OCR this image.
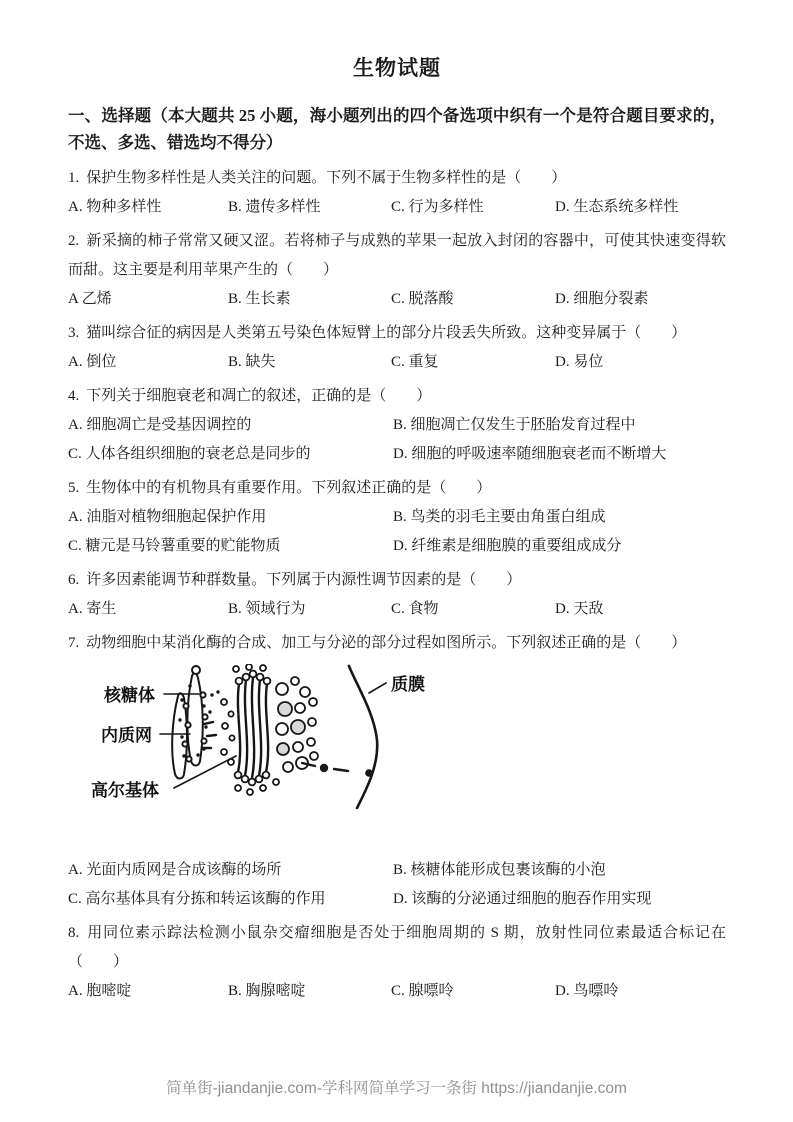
生物试题
一、选择题（本大题共 25 小题，海小题列出的四个备选项中织有一个是符合题目要求的，不选、多选、错选均不得分）

1. 保护生物多样性是人类关注的问题。下列不属于生物多样性的是（　　）

A. 物种多样性	B. 遗传多样性	C. 行为多样性	D. 生态系统多样性

2. 新采摘的柿子常常又硬又涩。若将柿子与成熟的苹果一起放入封闭的容器中，可使其快速变得软而甜。这主要是利用苹果产生的（　　）

A 乙烯	B. 生长素	C. 脱落酸	D. 细胞分裂素

3. 猫叫综合征的病因是人类第五号染色体短臂上的部分片段丢失所致。这种变异属于（　　）

A. 倒位	B. 缺失	C. 重复	D. 易位

4. 下列关于细胞衰老和凋亡的叙述，正确的是（　　）

A. 细胞凋亡是受基因调控的	B. 细胞凋亡仅发生于胚胎发育过程中
C. 人体各组织细胞的衰老总是同步的	D. 细胞的呼吸速率随细胞衰老而不断增大

5. 生物体中的有机物具有重要作用。下列叙述正确的是（　　）

A. 油脂对植物细胞起保护作用	B. 鸟类的羽毛主要由角蛋白组成
C. 糖元是马铃薯重要的贮能物质	D. 纤维素是细胞膜的重要组成成分

6. 许多因素能调节种群数量。下列属于内源性调节因素的是（　　）

A. 寄生	B. 领域行为	C. 食物	D. 天敌

7. 动物细胞中某消化酶的合成、加工与分泌的部分过程如图所示。下列叙述正确的是（　　）

核糖体
内质网
高尔基体
质膜
A. 光面内质网是合成该酶的场所	B. 核糖体能形成包裹该酶的小泡
C. 高尔基体具有分拣和转运该酶的作用	D. 该酶的分泌通过细胞的胞吞作用实现

8. 用同位素示踪法检测小鼠杂交瘤细胞是否处于细胞周期的 S 期，放射性同位素最适合标记在（　　）

A. 胞嘧啶	B. 胸腺嘧啶	C. 腺嘌呤	D. 鸟嘌呤
简单街-jiandanjie.com-学科网简单学习一条街 https://jiandanjie.com
